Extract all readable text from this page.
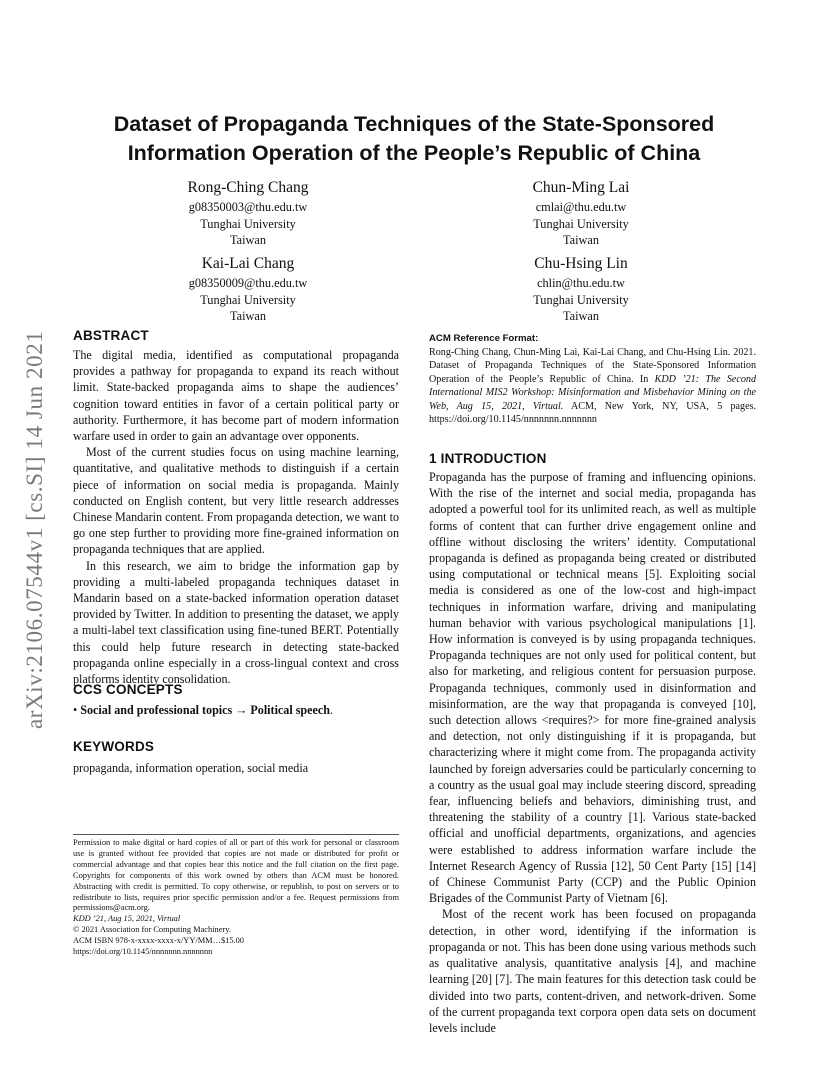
arXiv:2106.07544v1 [cs.SI] 14 Jun 2021
Dataset of Propaganda Techniques of the State-Sponsored
Information Operation of the People’s Republic of China
Rong-Ching Chang
g08350003@thu.edu.tw
Tunghai University
Taiwan
Chun-Ming Lai
cmlai@thu.edu.tw
Tunghai University
Taiwan
Kai-Lai Chang
g08350009@thu.edu.tw
Tunghai University
Taiwan
Chu-Hsing Lin
chlin@thu.edu.tw
Tunghai University
Taiwan
ABSTRACT

The digital media, identified as computational propaganda provides a pathway for propaganda to expand its reach without limit. State-backed propaganda aims to shape the audiences’ cognition toward entities in favor of a certain political party or authority. Furthermore, it has become part of modern information warfare used in order to gain an advantage over opponents.

Most of the current studies focus on using machine learning, quantitative, and qualitative methods to distinguish if a certain piece of information on social media is propaganda. Mainly conducted on English content, but very little research addresses Chinese Mandarin content. From propaganda detection, we want to go one step further to providing more fine-grained information on propaganda techniques that are applied.

In this research, we aim to bridge the information gap by providing a multi-labeled propaganda techniques dataset in Mandarin based on a state-backed information operation dataset provided by Twitter. In addition to presenting the dataset, we apply a multi-label text classification using fine-tuned BERT. Potentially this could help future research in detecting state-backed propaganda online especially in a cross-lingual context and cross platforms identity consolidation.

CCS CONCEPTS
• Social and professional topics → Political speech.
KEYWORDS
propaganda, information operation, social media
Permission to make digital or hard copies of all or part of this work for personal or classroom use is granted without fee provided that copies are not made or distributed for profit or commercial advantage and that copies bear this notice and the full citation on the first page. Copyrights for components of this work owned by others than ACM must be honored. Abstracting with credit is permitted. To copy otherwise, or republish, to post on servers or to redistribute to lists, requires prior specific permission and/or a fee. Request permissions from permissions@acm.org.
KDD ’21, Aug 15, 2021, Virtual
© 2021 Association for Computing Machinery.
ACM ISBN 978-x-xxxx-xxxx-x/YY/MM…$15.00
https://doi.org/10.1145/nnnnnnn.nnnnnnn
ACM Reference Format:
Rong-Ching Chang, Chun-Ming Lai, Kai-Lai Chang, and Chu-Hsing Lin. 2021. Dataset of Propaganda Techniques of the State-Sponsored Information Operation of the People’s Republic of China. In KDD ’21: The Second International MIS2 Workshop: Misinformation and Misbehavior Mining on the Web, Aug 15, 2021, Virtual. ACM, New York, NY, USA, 5 pages. https://doi.org/10.1145/nnnnnnn.nnnnnnn
1 INTRODUCTION

Propaganda has the purpose of framing and influencing opinions. With the rise of the internet and social media, propaganda has adopted a powerful tool for its unlimited reach, as well as multiple forms of content that can further drive engagement online and offline without disclosing the writers’ identity. Computational propaganda is defined as propaganda being created or distributed using computational or technical means [5]. Exploiting social media is considered as one of the low-cost and high-impact techniques in information warfare, driving and manipulating human behavior with various psychological manipulations [1]. How information is conveyed is by using propaganda techniques. Propaganda techniques are not only used for political content, but also for marketing, and religious content for persuasion purpose. Propaganda techniques, commonly used in disinformation and misinformation, are the way that propaganda is conveyed [10], such detection allows <requires?> for more fine-grained analysis and detection, not only distinguishing if it is propaganda, but characterizing where it might come from. The propaganda activity launched by foreign adversaries could be particularly concerning to a country as the usual goal may include steering discord, spreading fear, influencing beliefs and behaviors, diminishing trust, and threatening the stability of a country [1]. Various state-backed official and unofficial departments, organizations, and agencies were established to address information warfare include the Internet Research Agency of Russia [12], 50 Cent Party [15] [14] of Chinese Communist Party (CCP) and the Public Opinion Brigades of the Communist Party of Vietnam [6].

Most of the recent work has been focused on propaganda detection, in other word, identifying if the information is propaganda or not. This has been done using various methods such as qualitative analysis, quantitative analysis [4], and machine learning [20] [7]. The main features for this detection task could be divided into two parts, content-driven, and network-driven. Some of the current propaganda text corpora open data sets on document levels include
